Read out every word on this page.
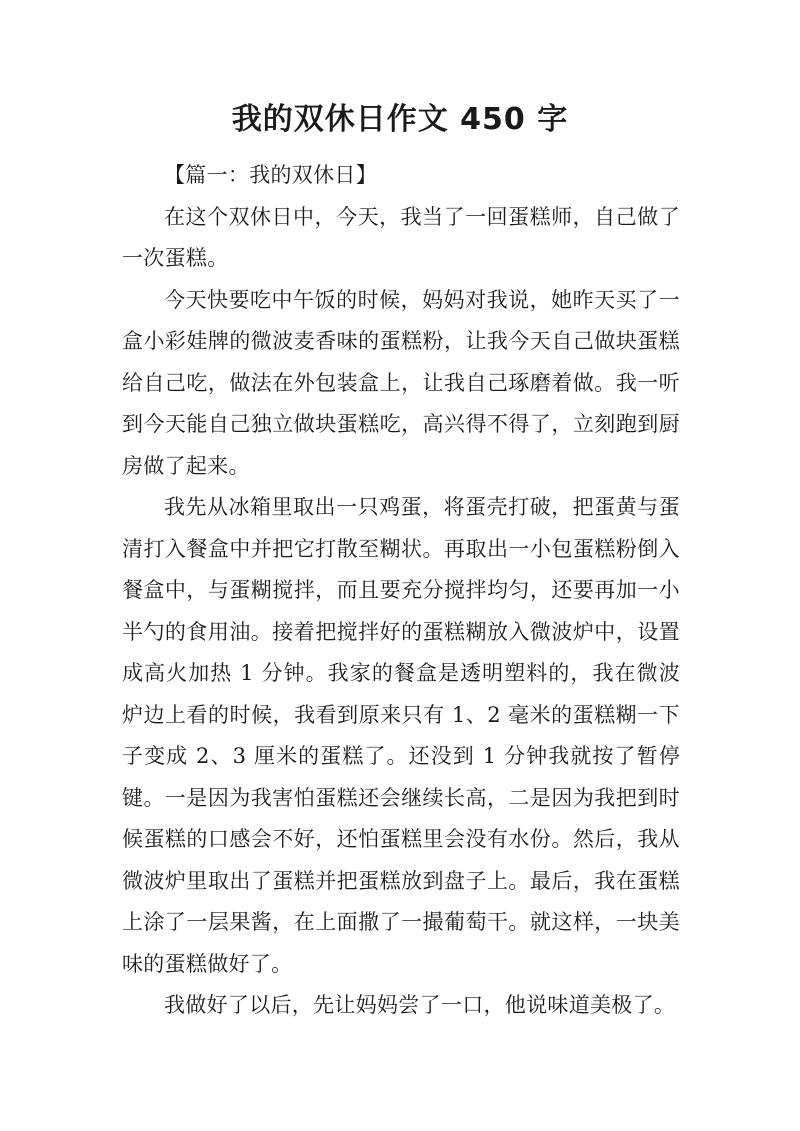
我的双休日作文 450 字

【篇一：我的双休日】

在这个双休日中，今天，我当了一回蛋糕师，自己做了一次蛋糕。

今天快要吃中午饭的时候，妈妈对我说，她昨天买了一盒小彩娃牌的微波麦香味的蛋糕粉，让我今天自己做块蛋糕给自己吃，做法在外包装盒上，让我自己琢磨着做。我一听到今天能自己独立做块蛋糕吃，高兴得不得了，立刻跑到厨房做了起来。

我先从冰箱里取出一只鸡蛋，将蛋壳打破，把蛋黄与蛋清打入餐盒中并把它打散至糊状。再取出一小包蛋糕粉倒入餐盒中，与蛋糊搅拌，而且要充分搅拌均匀，还要再加一小半勺的食用油。接着把搅拌好的蛋糕糊放入微波炉中，设置成高火加热 1 分钟。我家的餐盒是透明塑料的，我在微波炉边上看的时候，我看到原来只有 1、2 毫米的蛋糕糊一下子变成 2、3 厘米的蛋糕了。还没到 1 分钟我就按了暂停键。一是因为我害怕蛋糕还会继续长高，二是因为我把到时候蛋糕的口感会不好，还怕蛋糕里会没有水份。然后，我从微波炉里取出了蛋糕并把蛋糕放到盘子上。最后，我在蛋糕上涂了一层果酱，在上面撒了一撮葡萄干。就这样，一块美味的蛋糕做好了。

我做好了以后，先让妈妈尝了一口，他说味道美极了。
